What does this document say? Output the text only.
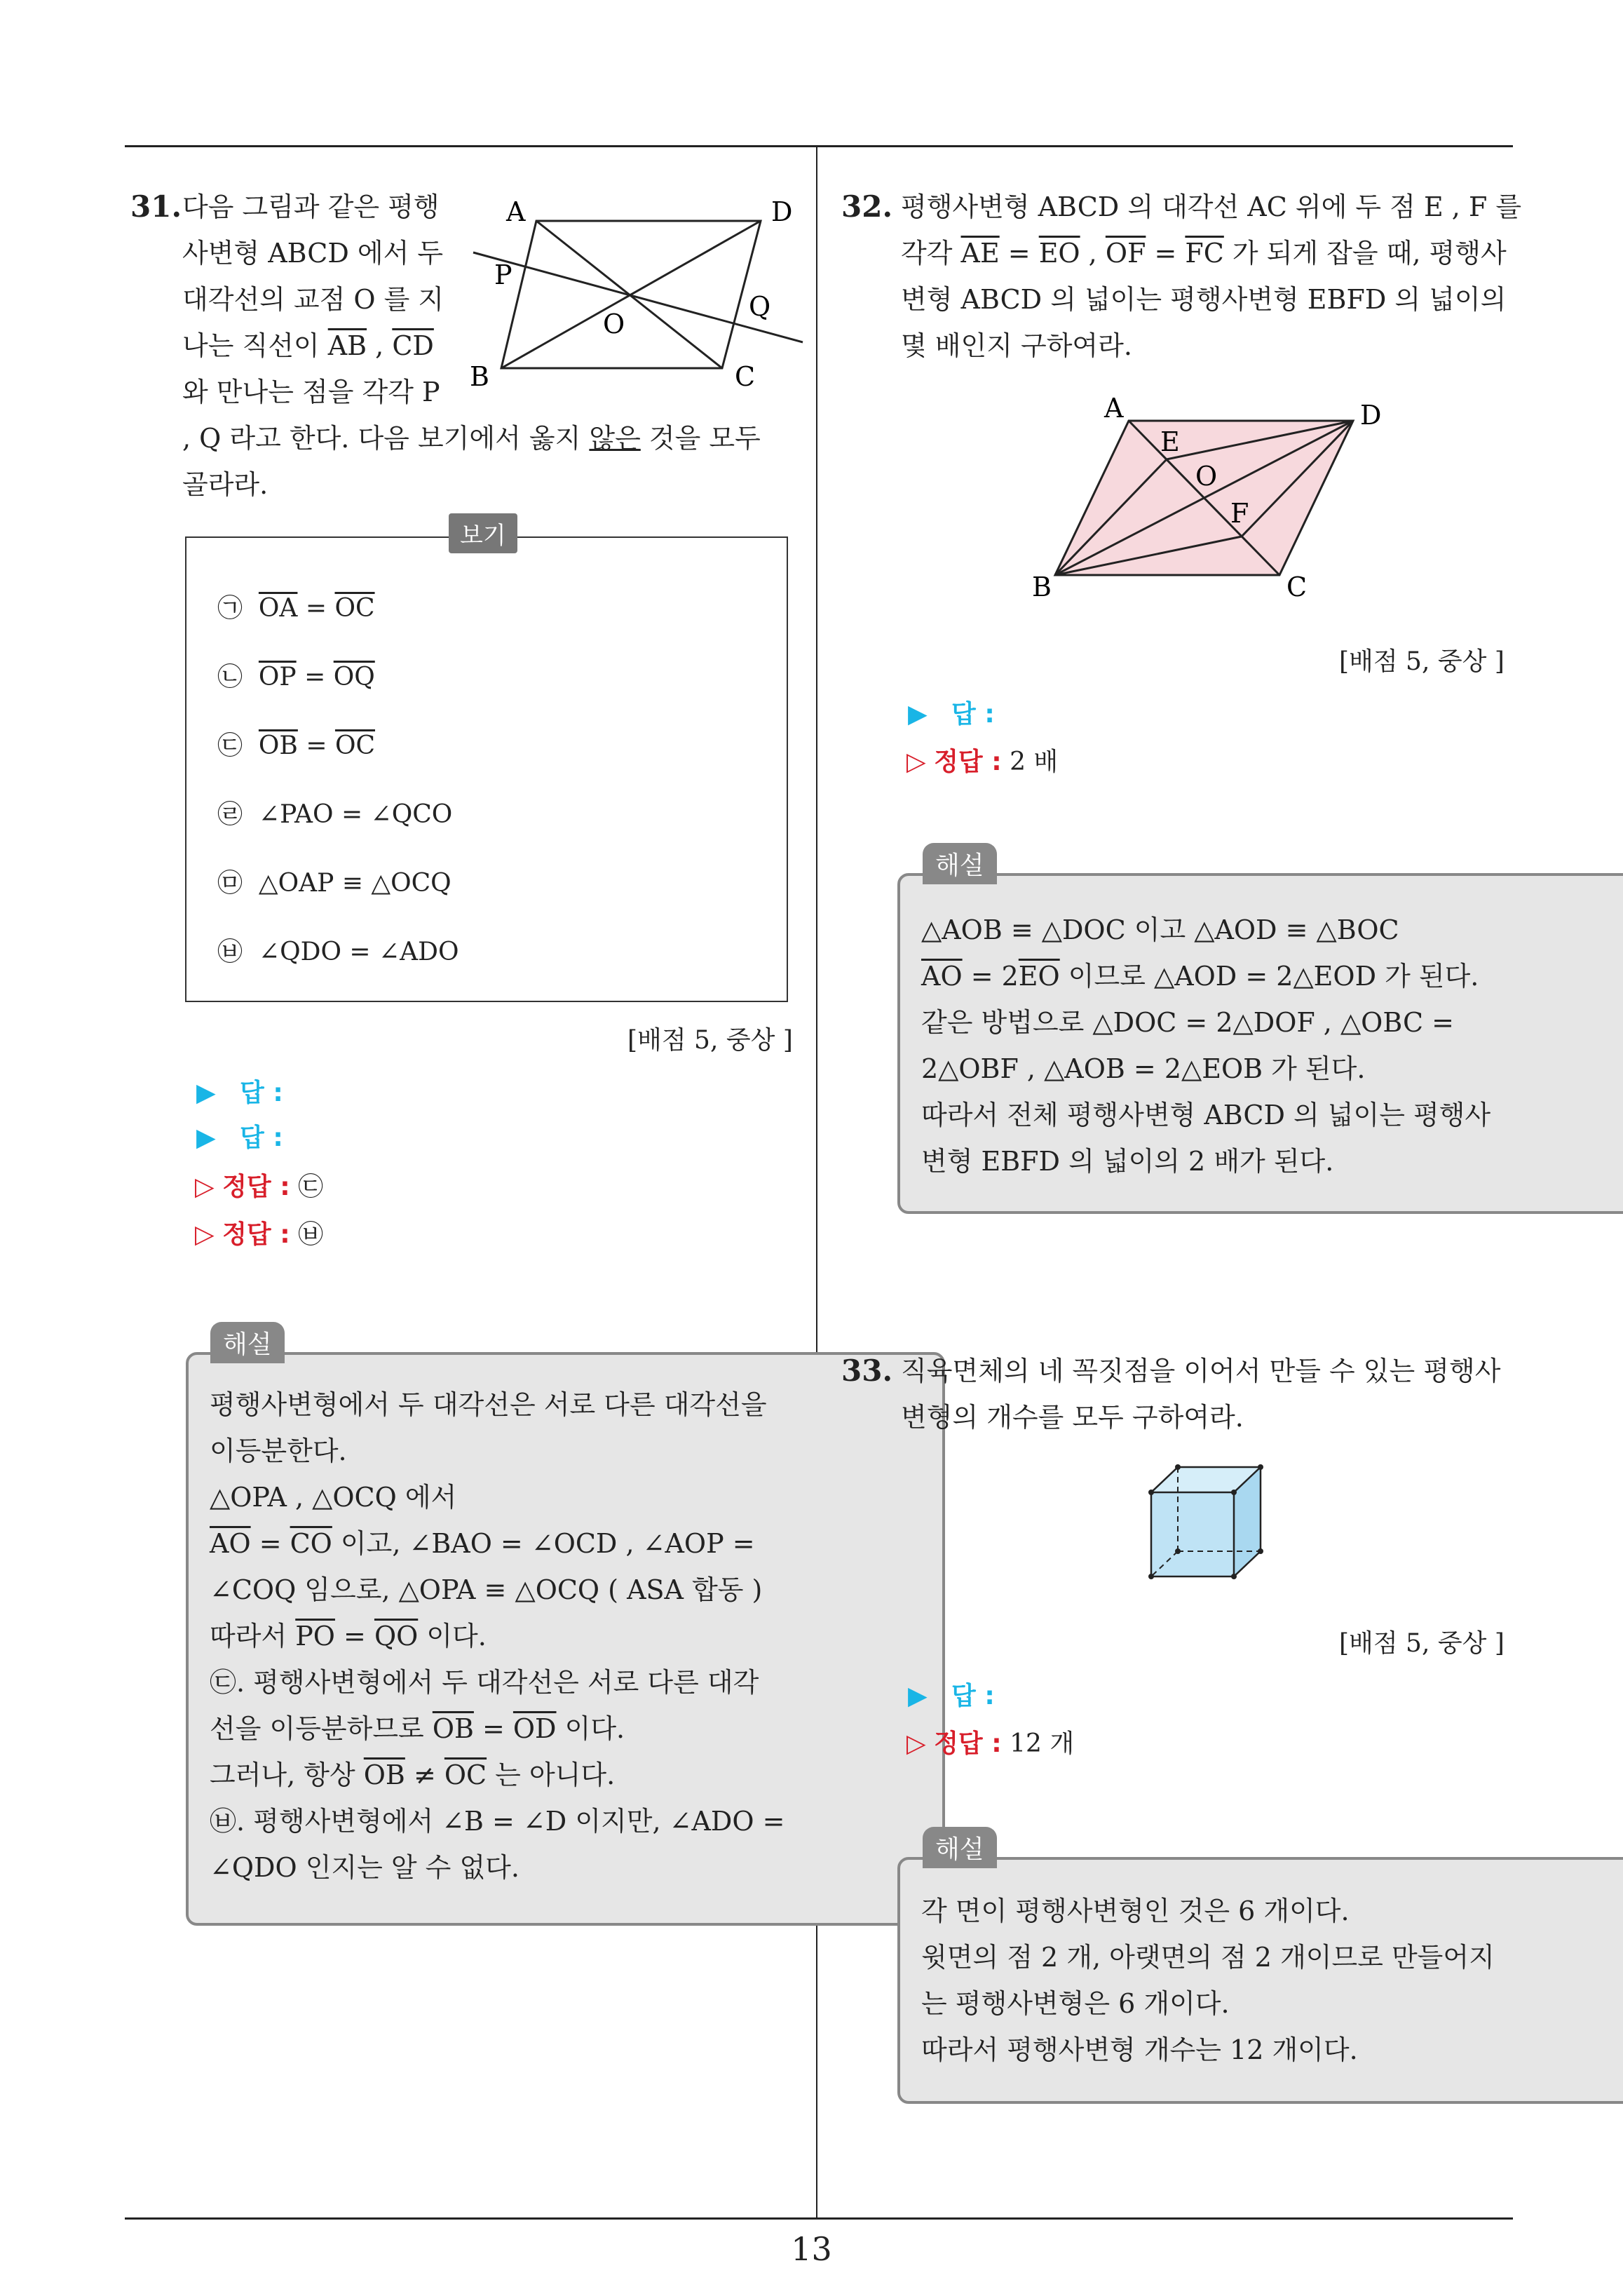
13
31. 다음 그림과 같은 평행
사변형 ABCD 에서 두
대각선의 교점 O 를 지
나는 직선이 $\overline{AB}$ , $\overline{CD}$
와 만나는 점을 각각 P
, Q 라고 한다. 다음 보기에서 옳지 않은 것을 모두
골라라.
A	D
B	C
O
P
Q
보기
㉠ $\overline{OA} = \overline{OC}$
㉡ $\overline{OP} = \overline{OQ}$
㉢ $\overline{OB} = \overline{OC}$
㉣ ∠PAO = ∠QCO
㉤ △OAP ≡ △OCQ
㉥ ∠QDO = ∠ADO
[배점 5, 중상 ]
▶ 답 :
▶ 답 :
▷ 정답 : ㉢
▷ 정답 : ㉥
평행사변형에서 두 대각선은 서로 다른 대각선을
이등분한다.
△OPA , △OCQ 에서
$\overline{AO} = \overline{CO}$ 이고, ∠BAO = ∠OCD , ∠AOP =
∠COQ 임으로, △OPA ≡ △OCQ ( ASA 합동 )
따라서 $\overline{PO} = \overline{QO}$ 이다.
㉢. 평행사변형에서 두 대각선은 서로 다른 대각
선을 이등분하므로 $\overline{OB} = \overline{OD}$ 이다.
그러나, 항상 $\overline{OB} \ne \overline{OC}$ 는 아니다.
㉥. 평행사변형에서 ∠B = ∠D 이지만, ∠ADO =
∠QDO 인지는 알 수 없다.
해설
32. 평행사변형 ABCD 의 대각선 AC 위에 두 점 E , F 를
각각 $\overline{AE} = \overline{EO}$ , $\overline{OF} = \overline{FC}$ 가 되게 잡을 때, 평행사
변형 ABCD 의 넓이는 평행사변형 EBFD 의 넓이의
몇 배인지 구하여라.
A	D
B	C
E
O
F
[배점 5, 중상 ]
▶ 답 :
▷ 정답 : 2 배
△AOB ≡ △DOC 이고 △AOD ≡ △BOC
$\overline{AO} = 2\overline{EO}$ 이므로 △AOD = 2△EOD 가 된다.
같은 방법으로 △DOC = 2△DOF , △OBC =
2△OBF , △AOB = 2△EOB 가 된다.
따라서 전체 평행사변형 ABCD 의 넓이는 평행사
변형 EBFD 의 넓이의 2 배가 된다.
해설
33. 직육면체의 네 꼭짓점을 이어서 만들 수 있는 평행사
변형의 개수를 모두 구하여라.
[배점 5, 중상 ]
▶ 답 :
▷ 정답 : 12 개
각 면이 평행사변형인 것은 6 개이다.
윗면의 점 2 개, 아랫면의 점 2 개이므로 만들어지
는 평행사변형은 6 개이다.
따라서 평행사변형 개수는 12 개이다.
해설
